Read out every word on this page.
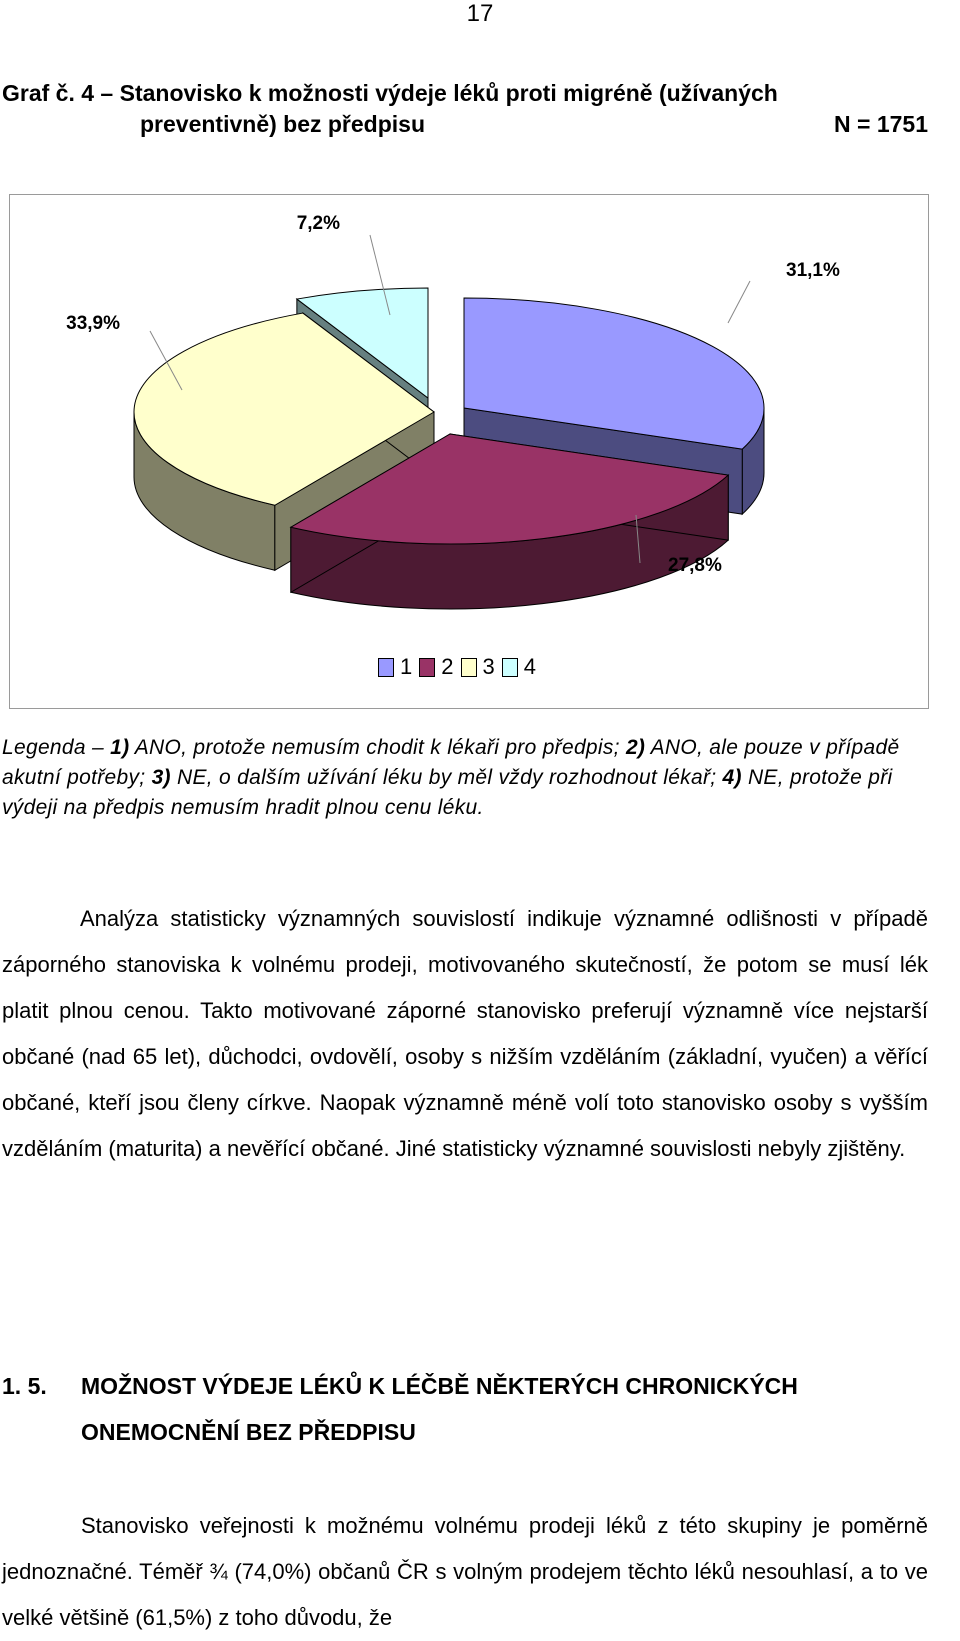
17
Graf č. 4 – Stanovisko k možnosti výdeje léků proti migréně (užívaných
preventivně) bez předpisu	N = 1751
31,1%
27,8%
33,9%
7,2%
1 2 3 4
Legenda – 1) ANO, protože nemusím chodit k lékaři pro předpis; 2) ANO, ale pouze v případě akutní potřeby; 3) NE, o dalším užívání léku by měl vždy rozhodnout lékař; 4) NE, protože při výdeji na předpis nemusím hradit plnou cenu léku.
Analýza statisticky významných souvislostí indikuje významné odlišnosti v případě záporného stanoviska k volnému prodeji, motivovaného skutečností, že potom se musí lék platit plnou cenou. Takto motivované záporné stanovisko preferují významně více nejstarší občané (nad 65 let), důchodci, ovdovělí, osoby s nižším vzděláním (základní, vyučen) a věřící občané, kteří jsou členy církve. Naopak významně méně volí toto stanovisko osoby s vyšším vzděláním (maturita) a nevěřící občané. Jiné statisticky významné souvislosti nebyly zjištěny.
1. 5.	MOŽNOST VÝDEJE LÉKŮ K LÉČBĚ NĚKTERÝCH CHRONICKÝCH ONEMOCNĚNÍ BEZ PŘEDPISU
Stanovisko veřejnosti k možnému volnému prodeji léků z této skupiny je poměrně jednoznačné. Téměř ¾ (74,0%) občanů ČR s volným prodejem těchto léků nesouhlasí, a to ve velké většině (61,5%) z toho důvodu, že
